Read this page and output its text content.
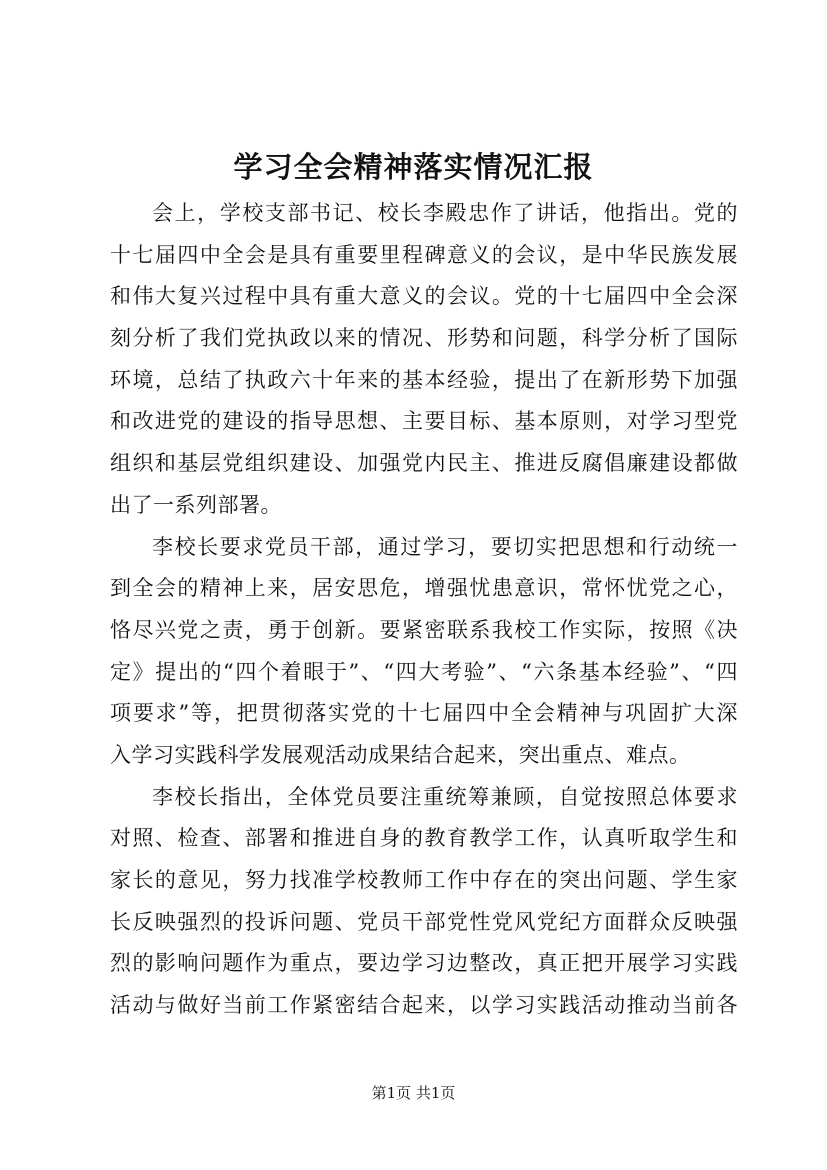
学习全会精神落实情况汇报
会上，学校支部书记、校长李殿忠作了讲话，他指出。党的
十七届四中全会是具有重要里程碑意义的会议，是中华民族发展
和伟大复兴过程中具有重大意义的会议。党的十七届四中全会深
刻分析了我们党执政以来的情况、形势和问题，科学分析了国际
环境，总结了执政六十年来的基本经验，提出了在新形势下加强
和改进党的建设的指导思想、主要目标、基本原则，对学习型党
组织和基层党组织建设、加强党内民主、推进反腐倡廉建设都做
出了一系列部署。
李校长要求党员干部，通过学习，要切实把思想和行动统一
到全会的精神上来，居安思危，增强忧患意识，常怀忧党之心，
恪尽兴党之责，勇于创新。要紧密联系我校工作实际，按照《决
定》提出的“四个着眼于”、“四大考验”、“六条基本经验”、“四
项要求”等，把贯彻落实党的十七届四中全会精神与巩固扩大深
入学习实践科学发展观活动成果结合起来，突出重点、难点。
李校长指出，全体党员要注重统筹兼顾，自觉按照总体要求
对照、检查、部署和推进自身的教育教学工作，认真听取学生和
家长的意见，努力找准学校教师工作中存在的突出问题、学生家
长反映强烈的投诉问题、党员干部党性党风党纪方面群众反映强
烈的影响问题作为重点，要边学习边整改，真正把开展学习实践
活动与做好当前工作紧密结合起来，以学习实践活动推动当前各
第1页 共1页
